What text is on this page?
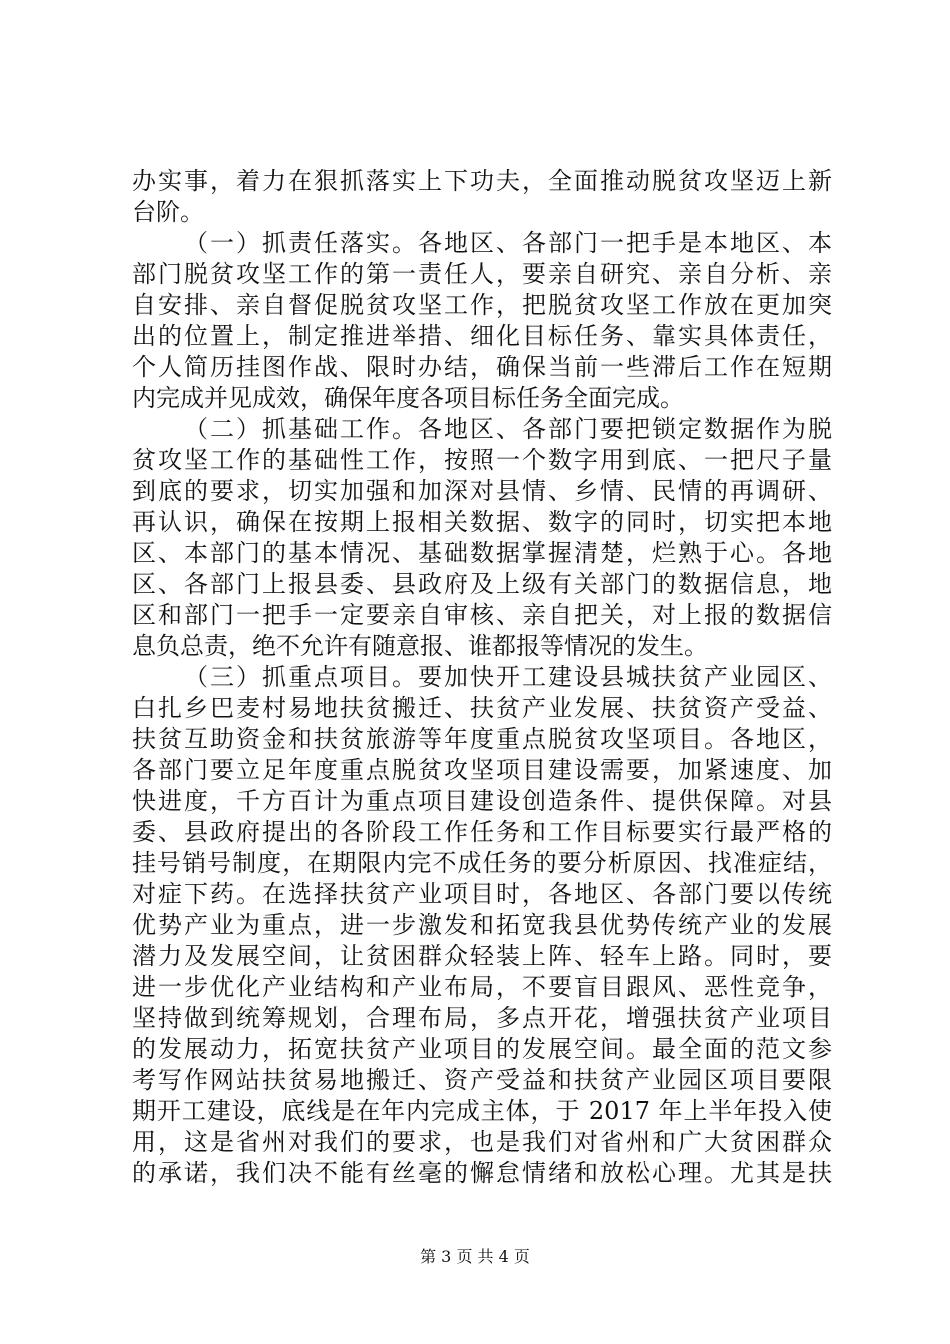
办实事，着力在狠抓落实上下功夫，全面推动脱贫攻坚迈上新
台阶。
（一）抓责任落实。各地区、各部门一把手是本地区、本
部门脱贫攻坚工作的第一责任人，要亲自研究、亲自分析、亲
自安排、亲自督促脱贫攻坚工作，把脱贫攻坚工作放在更加突
出的位置上，制定推进举措、细化目标任务、靠实具体责任，
个人简历挂图作战、限时办结，确保当前一些滞后工作在短期
内完成并见成效，确保年度各项目标任务全面完成。
（二）抓基础工作。各地区、各部门要把锁定数据作为脱
贫攻坚工作的基础性工作，按照一个数字用到底、一把尺子量
到底的要求，切实加强和加深对县情、乡情、民情的再调研、
再认识，确保在按期上报相关数据、数字的同时，切实把本地
区、本部门的基本情况、基础数据掌握清楚，烂熟于心。各地
区、各部门上报县委、县政府及上级有关部门的数据信息，地
区和部门一把手一定要亲自审核、亲自把关，对上报的数据信
息负总责，绝不允许有随意报、谁都报等情况的发生。
（三）抓重点项目。要加快开工建设县城扶贫产业园区、
白扎乡巴麦村易地扶贫搬迁、扶贫产业发展、扶贫资产受益、
扶贫互助资金和扶贫旅游等年度重点脱贫攻坚项目。各地区，
各部门要立足年度重点脱贫攻坚项目建设需要，加紧速度、加
快进度，千方百计为重点项目建设创造条件、提供保障。对县
委、县政府提出的各阶段工作任务和工作目标要实行最严格的
挂号销号制度，在期限内完不成任务的要分析原因、找准症结，
对症下药。在选择扶贫产业项目时，各地区、各部门要以传统
优势产业为重点，进一步激发和拓宽我县优势传统产业的发展
潜力及发展空间，让贫困群众轻装上阵、轻车上路。同时，要
进一步优化产业结构和产业布局，不要盲目跟风、恶性竞争，
坚持做到统筹规划，合理布局，多点开花，增强扶贫产业项目
的发展动力，拓宽扶贫产业项目的发展空间。最全面的范文参
考写作网站扶贫易地搬迁、资产受益和扶贫产业园区项目要限
期开工建设，底线是在年内完成主体，于 2017 年上半年投入使
用，这是省州对我们的要求，也是我们对省州和广大贫困群众
的承诺，我们决不能有丝毫的懈怠情绪和放松心理。尤其是扶
第 3 页 共 4 页
